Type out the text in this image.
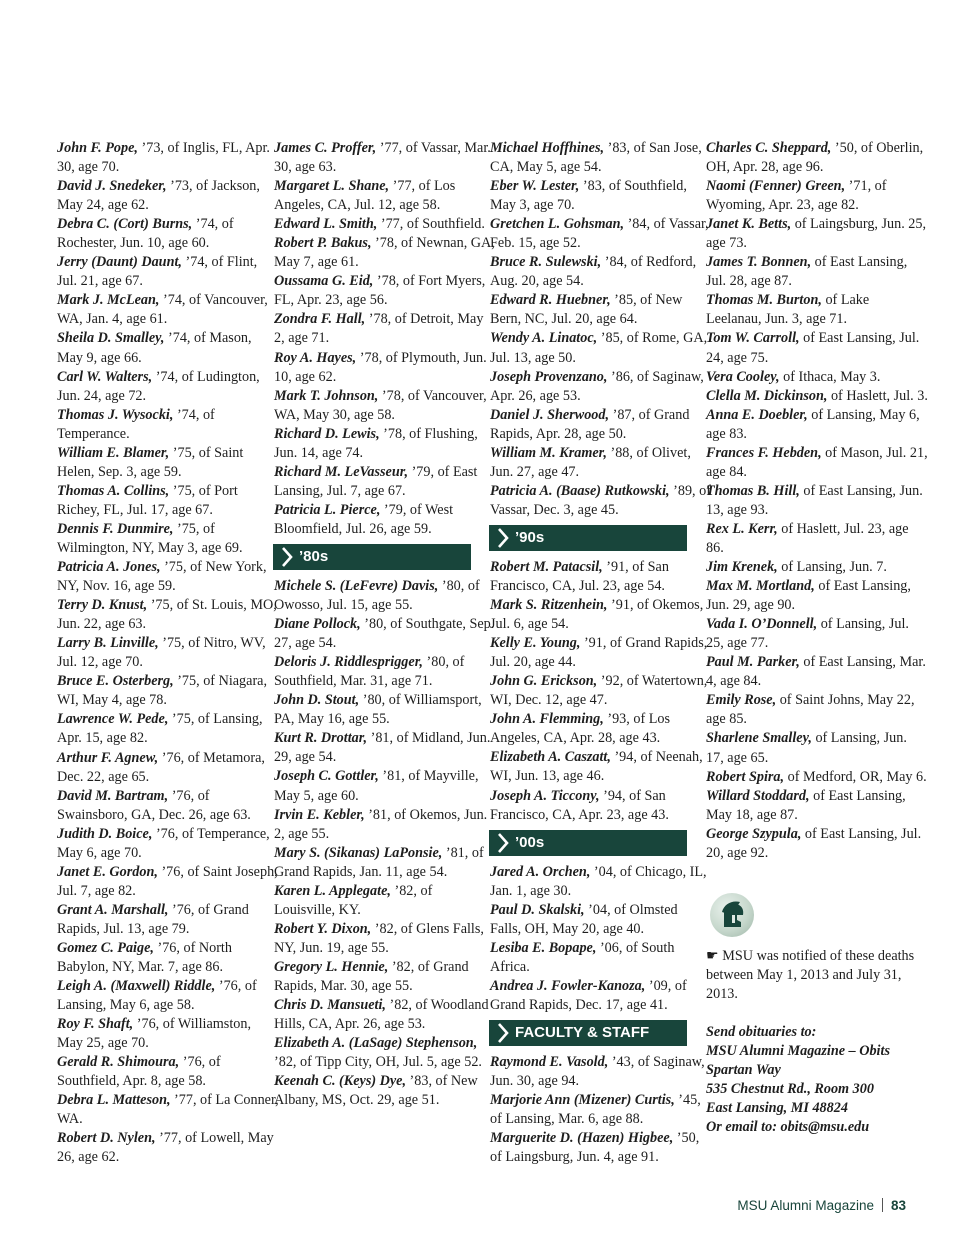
John F. Pope, ’73, of Inglis, FL, Apr. 30, age 70.

David J. Snedeker, ’73, of Jackson, May 24, age 62.

Debra C. (Cort) Burns, ’74, of Rochester, Jun. 10, age 60.

Jerry (Daunt) Daunt, ’74, of Flint, Jul. 21, age 67.

Mark J. McLean, ’74, of Vancouver, WA, Jan. 4, age 61.

Sheila D. Smalley, ’74, of Mason, May 9, age 66.

Carl W. Walters, ’74, of Ludington, Jun. 24, age 72.

Thomas J. Wysocki, ’74, of Temperance.

William E. Blamer, ’75, of Saint Helen, Sep. 3, age 59.

Thomas A. Collins, ’75, of Port Richey, FL, Jul. 17, age 67.

Dennis F. Dunmire, ’75, of Wilmington, NY, May 3, age 69.

Patricia A. Jones, ’75, of New York, NY, Nov. 16, age 59.

Terry D. Knust, ’75, of St. Louis, MO, Jun. 22, age 63.

Larry B. Linville, ’75, of Nitro, WV, Jul. 12, age 70.

Bruce E. Osterberg, ’75, of Niagara, WI, May 4, age 78.

Lawrence W. Pede, ’75, of Lansing, Apr. 15, age 82.

Arthur F. Agnew, ’76, of Metamora, Dec. 22, age 65.

David M. Bartram, ’76, of Swainsboro, GA, Dec. 26, age 63.

Judith D. Boice, ’76, of Temperance, May 6, age 70.

Janet E. Gordon, ’76, of Saint Joseph, Jul. 7, age 82.

Grant A. Marshall, ’76, of Grand Rapids, Jul. 13, age 79.

Gomez C. Paige, ’76, of North Babylon, NY, Mar. 7, age 86.

Leigh A. (Maxwell) Riddle, ’76, of Lansing, May 6, age 58.

Roy F. Shaft, ’76, of Williamston, May 25, age 70.

Gerald R. Shimoura, ’76, of Southfield, Apr. 8, age 58.

Debra L. Matteson, ’77, of La Conner, WA.

Robert D. Nylen, ’77, of Lowell, May 26, age 62.

James C. Proffer, ’77, of Vassar, Mar. 30, age 63.

Margaret L. Shane, ’77, of Los Angeles, CA, Jul. 12, age 58.

Edward L. Smith, ’77, of Southfield.

Robert P. Bakus, ’78, of Newnan, GA, May 7, age 61.

Oussama G. Eid, ’78, of Fort Myers, FL, Apr. 23, age 56.

Zondra F. Hall, ’78, of Detroit, May 2, age 71.

Roy A. Hayes, ’78, of Plymouth, Jun. 10, age 62.

Mark T. Johnson, ’78, of Vancouver, WA, May 30, age 58.

Richard D. Lewis, ’78, of Flushing, Jun. 14, age 74.

Richard M. LeVasseur, ’79, of East Lansing, Jul. 7, age 67.

Patricia L. Pierce, ’79, of West Bloomfield, Jul. 26, age 59.

’80s

Michele S. (LeFevre) Davis, ’80, of Owosso, Jul. 15, age 55.

Diane Pollock, ’80, of Southgate, Sep. 27, age 54.

Deloris J. Riddlesprigger, ’80, of Southfield, Mar. 31, age 71.

John D. Stout, ’80, of Williamsport, PA, May 16, age 55.

Kurt R. Drottar, ’81, of Midland, Jun. 29, age 54.

Joseph C. Gottler, ’81, of Mayville, May 5, age 60.

Irvin E. Kebler, ’81, of Okemos, Jun. 2, age 55.

Mary S. (Sikanas) LaPonsie, ’81, of Grand Rapids, Jan. 11, age 54.

Karen L. Applegate, ’82, of Louisville, KY.

Robert Y. Dixon, ’82, of Glens Falls, NY, Jun. 19, age 55.

Gregory L. Hennie, ’82, of Grand Rapids, Mar. 30, age 55.

Chris D. Mansueti, ’82, of Woodland Hills, CA, Apr. 26, age 53.

Elizabeth A. (LaSage) Stephenson, ’82, of Tipp City, OH, Jul. 5, age 52.

Keenah C. (Keys) Dye, ’83, of New Albany, MS, Oct. 29, age 51.

Michael Hoffhines, ’83, of San Jose, CA, May 5, age 54.

Eber W. Lester, ’83, of Southfield, May 3, age 70.

Gretchen L. Gohsman, ’84, of Vassar, Feb. 15, age 52.

Bruce R. Sulewski, ’84, of Redford, Aug. 20, age 54.

Edward R. Huebner, ’85, of New Bern, NC, Jul. 20, age 64.

Wendy A. Linatoc, ’85, of Rome, GA, Jul. 13, age 50.

Joseph Provenzano, ’86, of Saginaw, Apr. 26, age 53.

Daniel J. Sherwood, ’87, of Grand Rapids, Apr. 28, age 50.

William M. Kramer, ’88, of Olivet, Jun. 27, age 47.

Patricia A. (Baase) Rutkowski, ’89, of Vassar, Dec. 3, age 45.

’90s

Robert M. Patacsil, ’91, of San Francisco, CA, Jul. 23, age 54.

Mark S. Ritzenhein, ’91, of Okemos, Jul. 6, age 54.

Kelly E. Young, ’91, of Grand Rapids, Jul. 20, age 44.

John G. Erickson, ’92, of Watertown, WI, Dec. 12, age 47.

John A. Flemming, ’93, of Los Angeles, CA, Apr. 28, age 43.

Elizabeth A. Caszatt, ’94, of Neenah, WI, Jun. 13, age 46.

Joseph A. Ticcony, ’94, of San Francisco, CA, Apr. 23, age 43.

’00s

Jared A. Orchen, ’04, of Chicago, IL, Jan. 1, age 30.

Paul D. Skalski, ’04, of Olmsted Falls, OH, May 20, age 40.

Lesiba E. Bopape, ’06, of South Africa.

Andrea J. Fowler-Kanoza, ’09, of Grand Rapids, Dec. 17, age 41.

FACULTY & STAFF

Raymond E. Vasold, ’43, of Saginaw, Jun. 30, age 94.

Marjorie Ann (Mizener) Curtis, ’45, of Lansing, Mar. 6, age 88.

Marguerite D. (Hazen) Higbee, ’50, of Laingsburg, Jun. 4, age 91.

Charles C. Sheppard, ’50, of Oberlin, OH, Apr. 28, age 96.

Naomi (Fenner) Green, ’71, of Wyoming, Apr. 23, age 82.

Janet K. Betts, of Laingsburg, Jun. 25, age 73.

James T. Bonnen, of East Lansing, Jul. 28, age 87.

Thomas M. Burton, of Lake Leelanau, Jun. 3, age 71.

Tom W. Carroll, of East Lansing, Jul. 24, age 75.

Vera Cooley, of Ithaca, May 3.

Clella M. Dickinson, of Haslett, Jul. 3.

Anna E. Doebler, of Lansing, May 6, age 83.

Frances F. Hebden, of Mason, Jul. 21, age 84.

Thomas B. Hill, of East Lansing, Jun. 13, age 93.

Rex L. Kerr, of Haslett, Jul. 23, age 86.

Jim Krenek, of Lansing, Jun. 7.

Max M. Mortland, of East Lansing, Jun. 29, age 90.

Vada I. O’Donnell, of Lansing, Jul. 25, age 77.

Paul M. Parker, of East Lansing, Mar. 4, age 84.

Emily Rose, of Saint Johns, May 22, age 85.

Sharlene Smalley, of Lansing, Jun. 17, age 65.

Robert Spira, of Medford, OR, May 6.

Willard Stoddard, of East Lansing, May 18, age 87.

George Szypula, of East Lansing, Jul. 20, age 92.

☛ MSU was notified of these deaths between May 1, 2013 and July 31, 2013.
Send obituaries to:
MSU Alumni Magazine – Obits
Spartan Way
535 Chestnut Rd., Room 300
East Lansing, MI 48824
Or email to: obits@msu.edu
MSU Alumni Magazine 83
